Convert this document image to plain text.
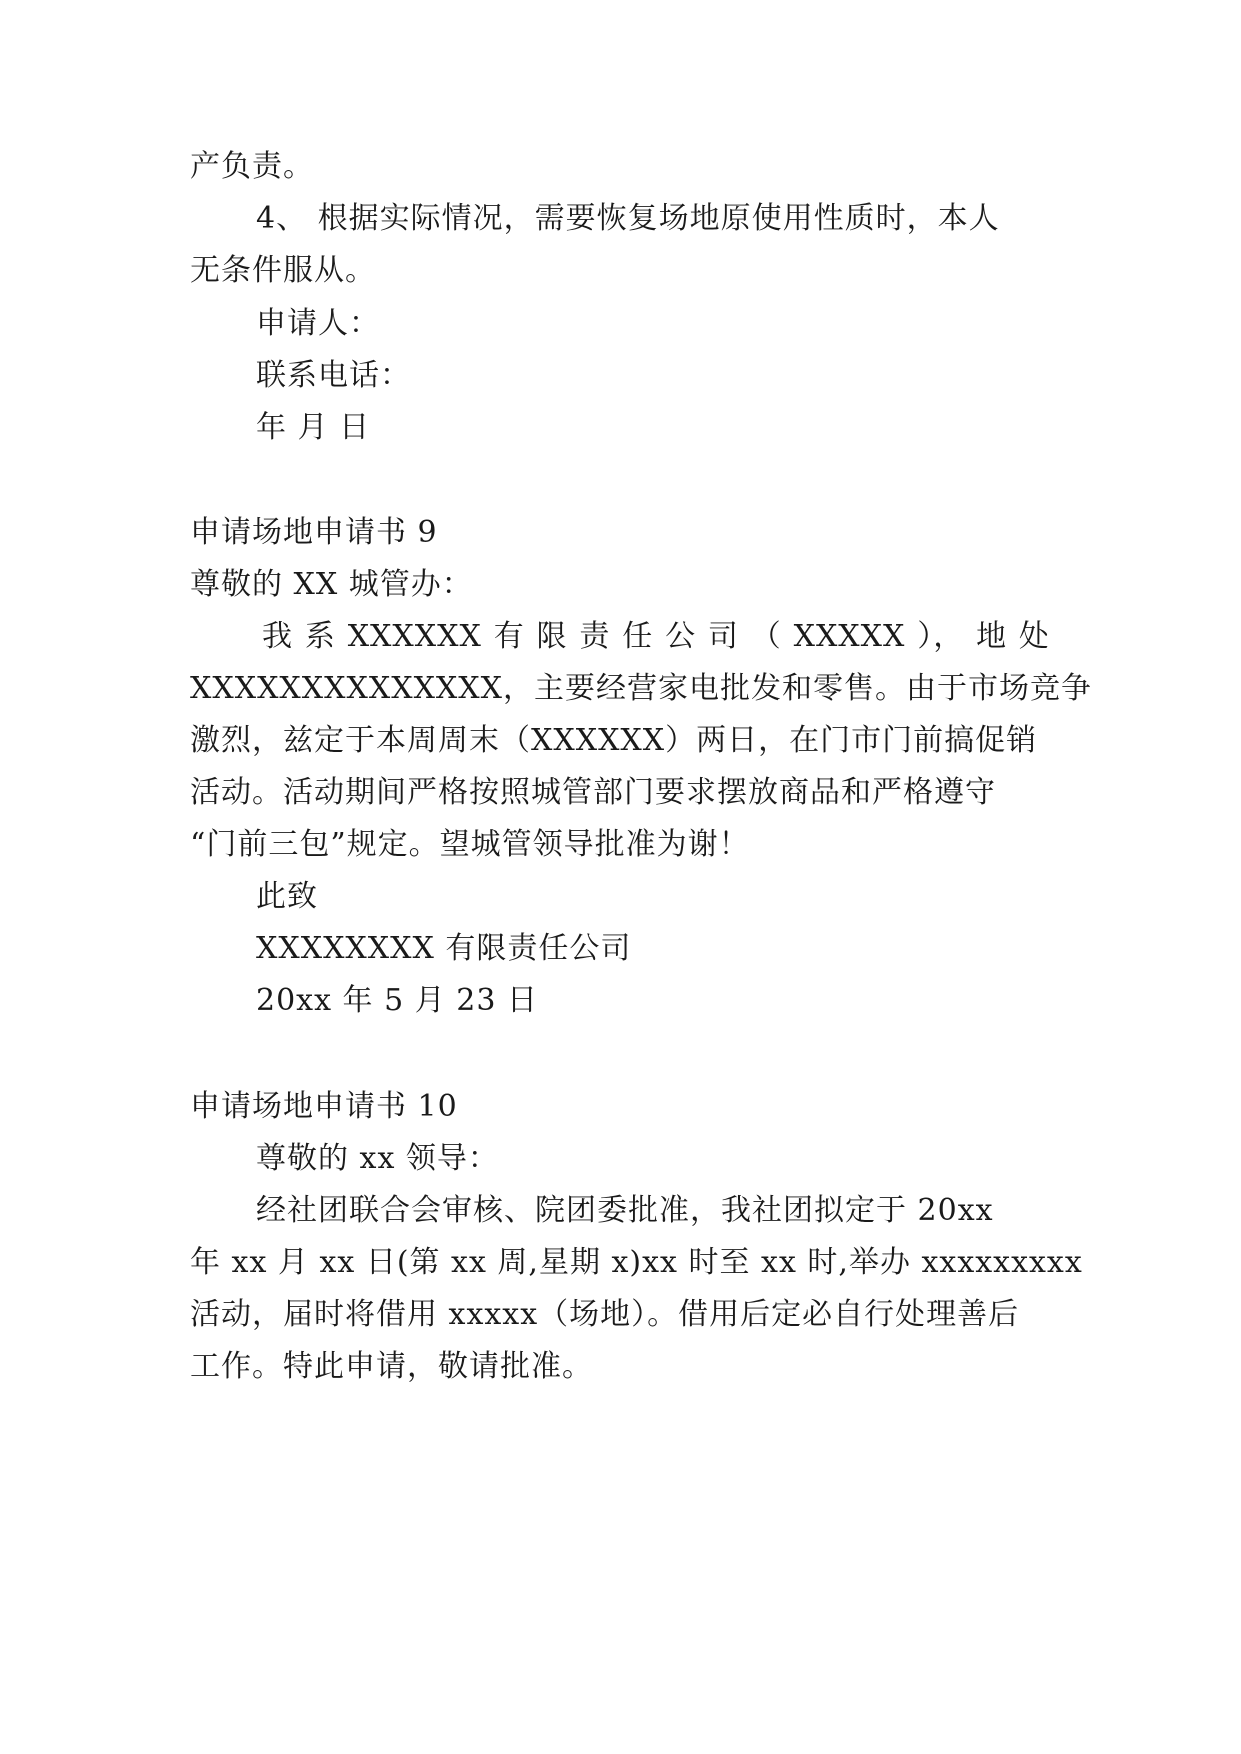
产负责。
4、 根据实际情况，需要恢复场地原使用性质时，本人
无条件服从。
申请人：
联系电话：
年 月 日
申请场地申请书 9
尊敬的 XX 城管办：
我 系 XXXXXX 有 限 责 任 公 司 （ XXXXX ）， 地 处
XXXXXXXXXXXXXX，主要经营家电批发和零售。由于市场竞争
激烈，兹定于本周周末（XXXXXX）两日，在门市门前搞促销
活动。活动期间严格按照城管部门要求摆放商品和严格遵守
“门前三包”规定。望城管领导批准为谢！
此致
XXXXXXXX 有限责任公司
20xx 年 5 月 23 日
申请场地申请书 10
尊敬的 xx 领导：
经社团联合会审核、院团委批准，我社团拟定于 20xx
年 xx 月 xx 日(第 xx 周,星期 x)xx 时至 xx 时,举办 xxxxxxxxx
活动，届时将借用 xxxxx（场地）。借用后定必自行处理善后
工作。特此申请，敬请批准。
